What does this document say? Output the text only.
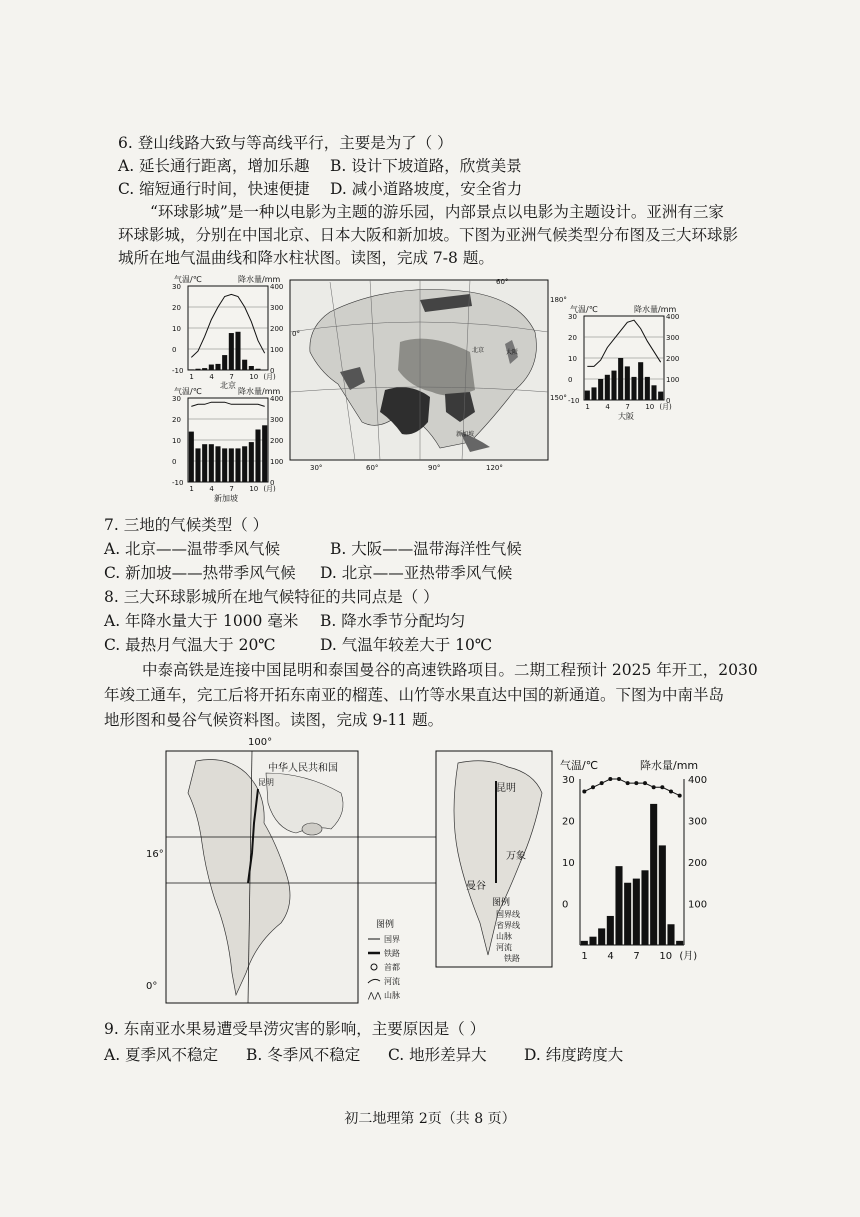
6. 登山线路大致与等高线平行，主要是为了（ ）
A. 延长通行距离，增加乐趣 B. 设计下坡道路，欣赏美景
C. 缩短通行时间，快速便捷 D. 减小道路坡度，安全省力
“环球影城”是一种以电影为主题的游乐园，内部景点以电影为主题设计。亚洲有三家
环球影城，分别在中国北京、日本大阪和新加坡。下图为亚洲气候类型分布图及三大环球影
城所在地气温曲线和降水柱状图。读图，完成 7-8 题。
气温/℃	降水量/mm
30
20
10
0
-10
400
300
200
100
0
1 4 7 10 (月)
北京
气温/℃	降水量/mm
30
20
10
0
-10
400
300
200
100
0
1 4 7 10 (月)
新加坡
60°
180°
0°
150°
30°	60°	90°	120°
北京	大阪
新加坡
气温/℃	降水量/mm
30
20
10
0
-10
400
300
200
100
0
1 4 7 10 (月)
大阪
7. 三地的气候类型（ ）
A. 北京——温带季风气候	B. 大阪——温带海洋性气候
C. 新加坡——热带季风气候 D. 北京——亚热带季风气候
8. 三大环球影城所在地气候特征的共同点是（ ）
A. 年降水量大于 1000 毫米 B. 降水季节分配均匀
C. 最热月气温大于 20℃	D. 气温年较差大于 10℃
中泰高铁是连接中国昆明和泰国曼谷的高速铁路项目。二期工程预计 2025 年开工，2030
年竣工通车，完工后将开拓东南亚的榴莲、山竹等水果直达中国的新通道。下图为中南半岛
地形图和曼谷气候资料图。读图，完成 9-11 题。
100°
16°
0°
中华人民共和国
昆明
图例
国界
铁路
首都
河流
⋀⋀ 山脉
昆明
万象
曼谷
图例
国界线
省界线
山脉
河流
铁路
气温/℃	降水量/mm
30
20
10
0
400
300
200
100
1 4 7 10 (月)
9. 东南亚水果易遭受旱涝灾害的影响，主要原因是（ ）
A. 夏季风不稳定 B. 冬季风不稳定 C. 地形差异大 D. 纬度跨度大
初二地理第 2页（共 8 页）
